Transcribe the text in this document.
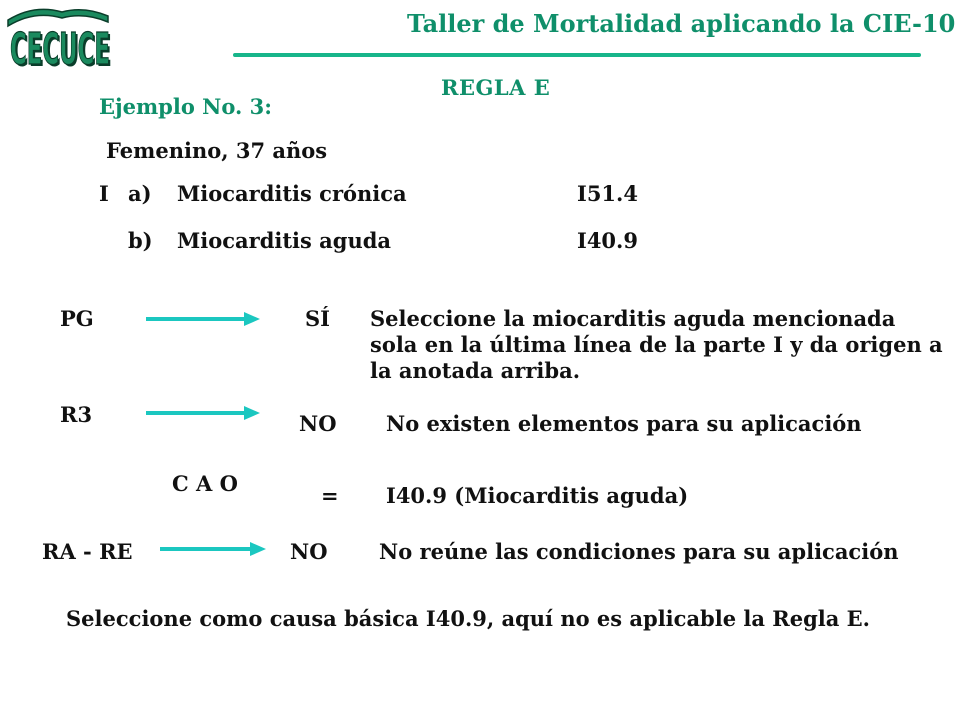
CECUCE
CECUCE
Taller de Mortalidad aplicando la CIE-10
REGLA E
Ejemplo No. 3:
Femenino, 37 años
I a) Miocarditis crónica	I51.4
b) Miocarditis aguda	I40.9
PG	SÍ Seleccione la miocarditis aguda mencionada sola en la última línea de la parte I y da origen a la anotada arriba.
R3	NO No existen elementos para su aplicación
C A O	= I40.9 (Miocarditis aguda)
RA - RE	NO No reúne las condiciones para su aplicación
Seleccione como causa básica I40.9, aquí no es aplicable la Regla E.
